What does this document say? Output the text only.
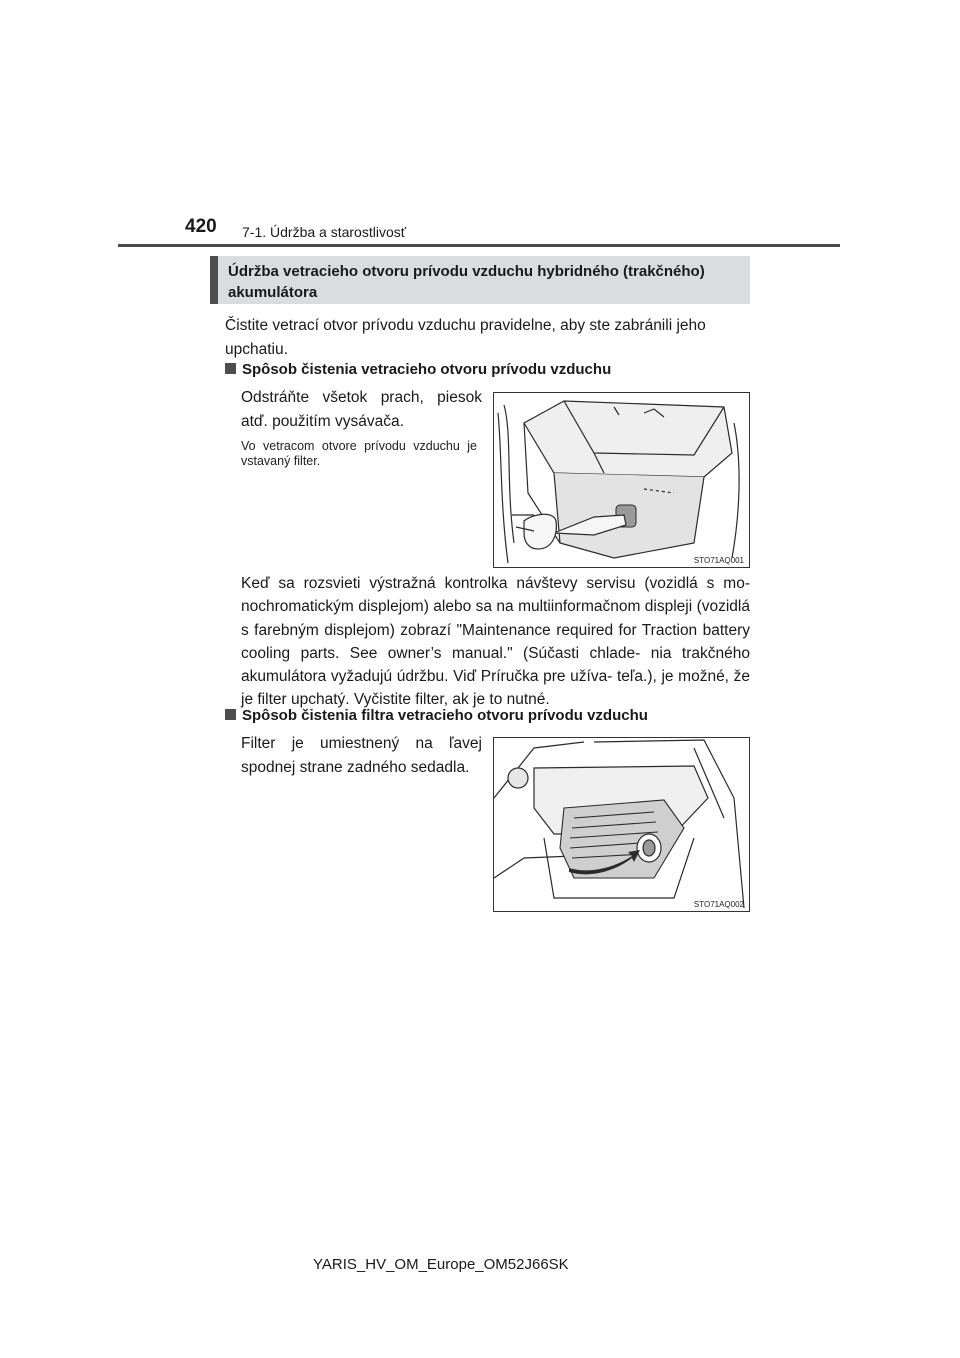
420 7-1. Údržba a starostlivosť
Údržba vetracieho otvoru prívodu vzduchu hybridného (trakčného) akumulátora
Čistite vetrací otvor prívodu vzduchu pravidelne, aby ste zabránili jeho upchatiu.
Spôsob čistenia vetracieho otvoru prívodu vzduchu
Odstráňte všetok prach, piesok atď. použitím vysávača.
Vo vetracom otvore prívodu vzduchu je vstavaný filter.
STO71AQ001
Keď sa rozsvieti výstražná kontrolka návštevy servisu (vozidlá s mo- nochromatickým displejom) alebo sa na multiinformačnom displeji (vozidlá s farebným displejom) zobrazí "Maintenance required for Traction battery cooling parts. See owner’s manual." (Súčasti chlade- nia trakčného akumulátora vyžadujú údržbu. Viď Príručka pre užíva- teľa.), je možné, že je filter upchatý. Vyčistite filter, ak je to nutné.
Spôsob čistenia filtra vetracieho otvoru prívodu vzduchu
Filter je umiestnený na ľavej spodnej strane zadného sedadla.
STO71AQ002
YARIS_HV_OM_Europe_OM52J66SK
